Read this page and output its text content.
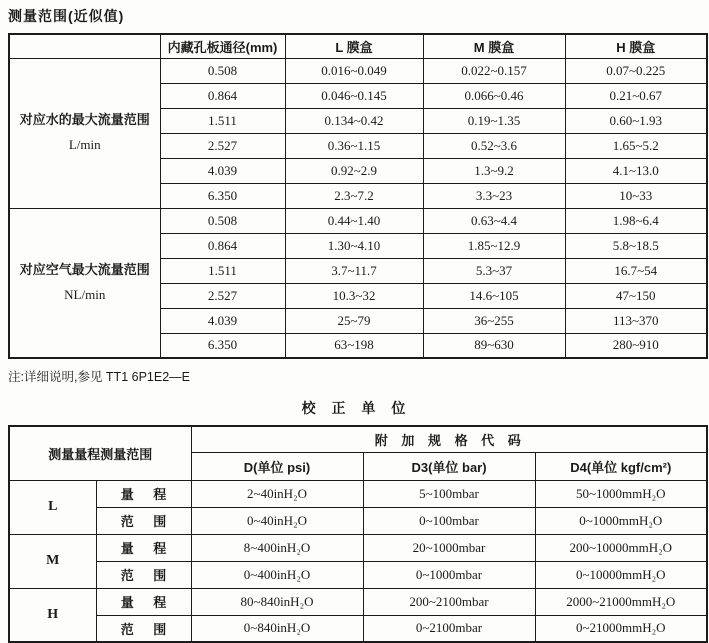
测量范围(近似值)
	内藏孔板通径(mm)	L 膜盒	M 膜盒	H 膜盒

对应水的最大流量范围
L/min	0.508	0.016~0.049	0.022~0.157	0.07~0.225
	0.864	0.046~0.145	0.066~0.46	0.21~0.67
	1.511	0.134~0.42	0.19~1.35	0.60~1.93
	2.527	0.36~1.15	0.52~3.6	1.65~5.2
	4.039	0.92~2.9	1.3~9.2	4.1~13.0
	6.350	2.3~7.2	3.3~23	10~33

对应空气最大流量范围
NL/min	0.508	0.44~1.40	0.63~4.4	1.98~6.4
	0.864	1.30~4.10	1.85~12.9	5.8~18.5
	1.511	3.7~11.7	5.3~37	16.7~54
	2.527	10.3~32	14.6~105	47~150
	4.039	25~79	36~255	113~370
	6.350	63~198	89~630	280~910
注:详细说明,参见 TT1 6P1E2—E
校 正 单 位
测量量程测量范围		附 加 规 格 代 码		
		D(单位 psi)	D3(单位 bar)	D4(单位 kgf/cm²)
L	量 程	2~40inH₂O	5~100mbar	50~1000mmH₂O
	范 围	0~40inH₂O	0~100mbar	0~1000mmH₂O
M	量 程	8~400inH₂O	20~1000mbar	200~10000mmH₂O
	范 围	0~400inH₂O	0~1000mbar	0~10000mmH₂O
H	量 程	80~840inH₂O	200~2100mbar	2000~21000mmH₂O
	范 围	0~840inH₂O	0~2100mbar	0~21000mmH₂O
